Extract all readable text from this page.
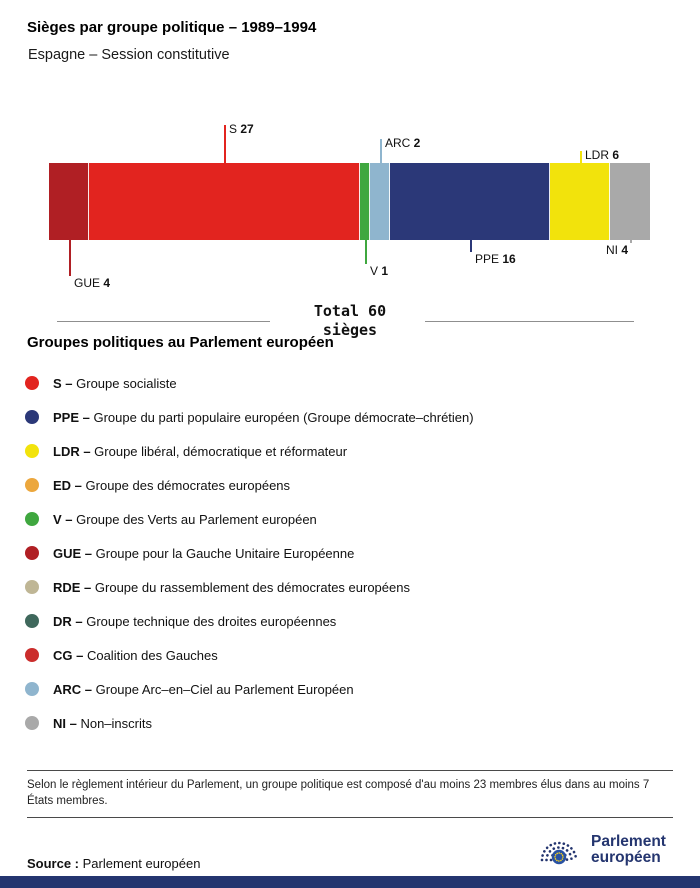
Sièges par groupe politique – 1989–1994
Espagne – Session constitutive
Total 60
sièges
Groupes politiques au Parlement européen
S – Groupe socialiste
PPE – Groupe du parti populaire européen (Groupe démocrate–chrétien)
LDR – Groupe libéral, démocratique et réformateur
ED – Groupe des démocrates européens
V – Groupe des Verts au Parlement européen
GUE – Groupe pour la Gauche Unitaire Européenne
RDE – Groupe du rassemblement des démocrates européens
DR – Groupe technique des droites européennes
CG – Coalition des Gauches
ARC – Groupe Arc–en–Ciel au Parlement Européen
NI – Non–inscrits
Selon le règlement intérieur du Parlement, un groupe politique est composé d'au moins 23 membres élus dans au moins 7 États membres.
Source : Parlement européen
Parlement
européen
GUE 4
S 27
V 1
ARC 2
PPE 16
LDR 6
NI 4
